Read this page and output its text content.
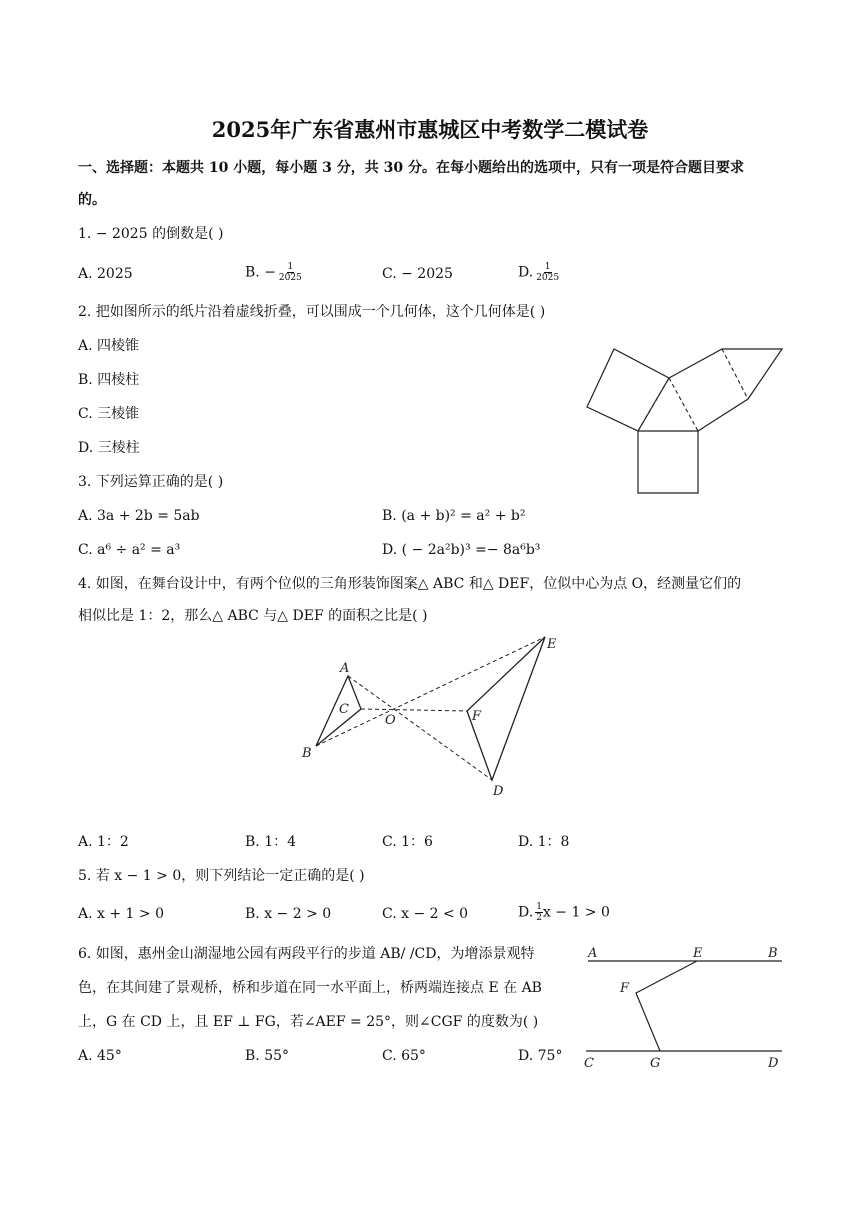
2025年广东省惠州市惠城区中考数学二模试卷
一、选择题：本题共 10 小题，每小题 3 分，共 30 分。在每小题给出的选项中，只有一项是符合题目要求
的。
1. − 2025 的倒数是( )
A. 2025	B. − $\frac{1}{2025}$	C. − 2025	D. $\frac{1}{2025}$
2. 把如图所示的纸片沿着虚线折叠，可以围成一个几何体，这个几何体是( )
A. 四棱锥
B. 四棱柱
C. 三棱锥
D. 三棱柱
3. 下列运算正确的是( )
A. 3a + 2b = 5ab	B. (a + b)² = a² + b²
C. a⁶ ÷ a² = a³	D. ( − 2a²b)³ =− 8a⁶b³
4. 如图，在舞台设计中，有两个位似的三角形装饰图案△ ABC 和△ DEF，位似中心为点 O，经测量它们的
相似比是 1：2，那么△ ABC 与△ DEF 的面积之比是( )
A
B
C
O
D
E
F
A. 1：2	B. 1：4	C. 1：6	D. 1：8
5. 若 x − 1 > 0，则下列结论一定正确的是( )
A. x + 1 > 0	B. x − 2 > 0	C. x − 2 < 0	D. $\frac{1}{2}$ x − 1 > 0
6. 如图，惠州金山湖湿地公园有两段平行的步道 AB/ /CD，为增添景观特
色，在其间建了景观桥，桥和步道在同一水平面上，桥两端连接点 E 在 AB
上，G 在 CD 上，且 EF ⊥ FG，若∠AEF = 25°，则∠CGF 的度数为( )
A. 45°	B. 55°	C. 65°	D. 75°
A	E	B
F
C	G	D
